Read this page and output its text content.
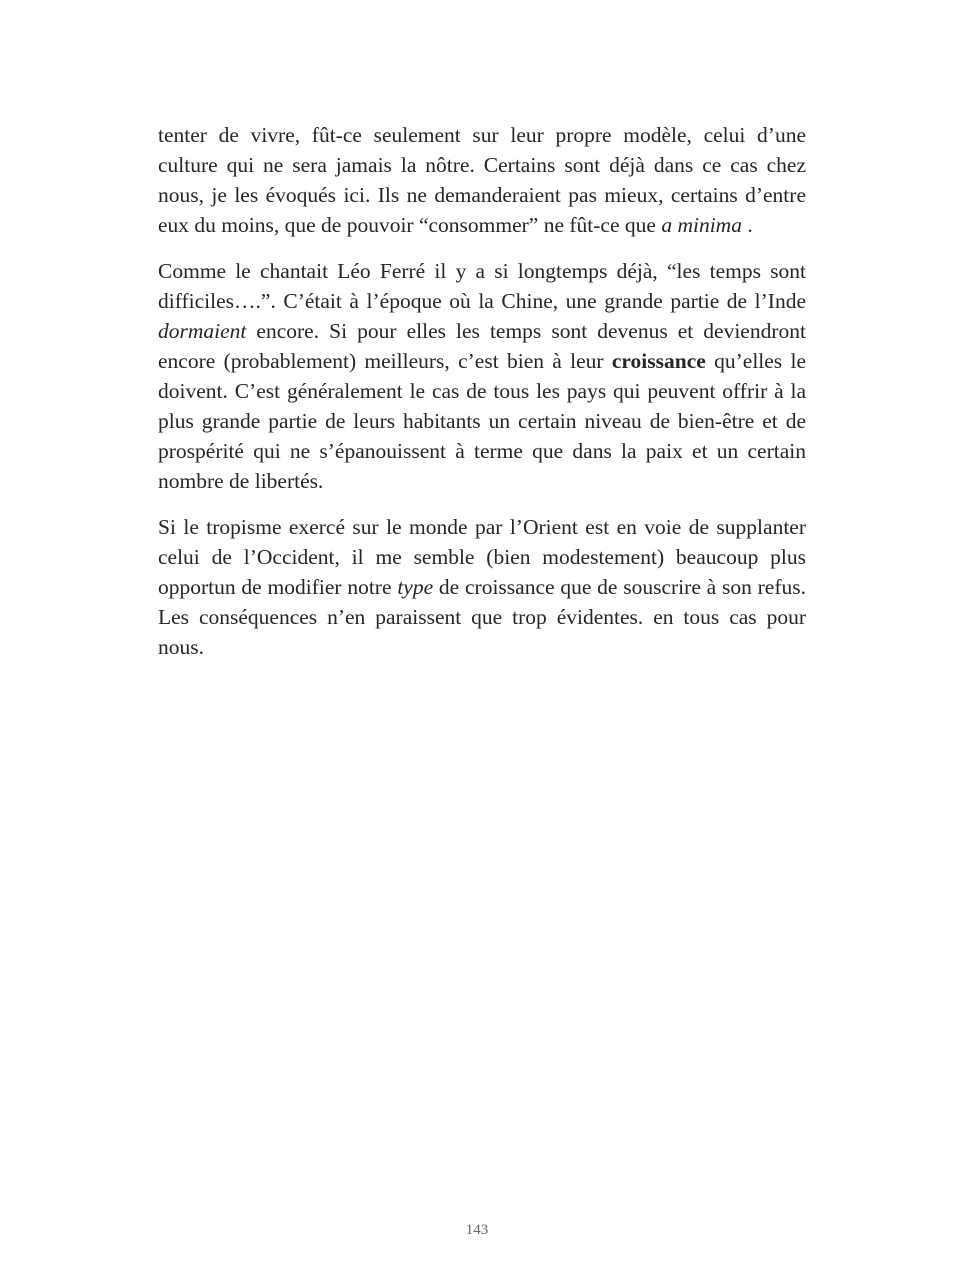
tenter de vivre, fût-ce seulement sur leur propre modèle, celui d’une culture qui ne sera jamais la nôtre. Certains sont déjà dans ce cas chez nous, je les évoqués ici. Ils ne demanderaient pas mieux, certains d’entre eux du moins, que de pouvoir “consommer” ne fût-ce que a minima .

Comme le chantait Léo Ferré il y a si longtemps déjà, “les temps sont difficiles….”. C’était à l’époque où la Chine, une grande partie de l’Inde dormaient encore. Si pour elles les temps sont devenus et deviendront encore (probablement) meilleurs, c’est bien à leur croissance qu’elles le doivent. C’est généralement le cas de tous les pays qui peuvent offrir à la plus grande partie de leurs habitants un certain niveau de bien-être et de prospérité qui ne s’épanouissent à terme que dans la paix et un certain nombre de libertés.

Si le tropisme exercé sur le monde par l’Orient est en voie de supplanter celui de l’Occident, il me semble (bien modestement) beaucoup plus opportun de modifier notre type de croissance que de souscrire à son refus. Les conséquences n’en paraissent que trop évidentes. en tous cas pour nous.

143
